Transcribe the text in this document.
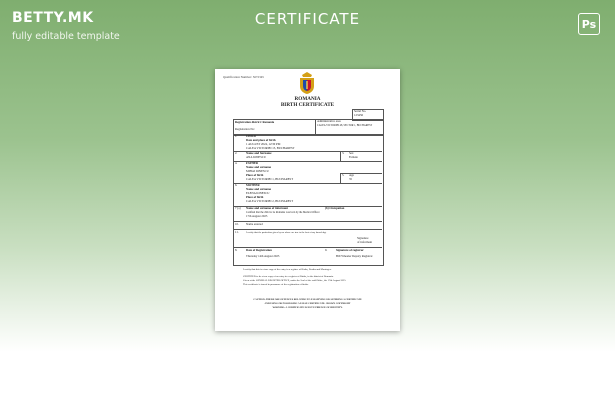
BETTY.MK
fully editable template
CERTIFICATE	Ps
Qualification Number: 5672345
ROMANIA
BIRTH CERTIFICATE
Serial No.
123456
Registration district: Romania
Registration No:
Administrative area
CALEA VICTORIEI 48, SECTOR 1, BUCHAREST
1.	CHILD
Date and place of birth
1 AUGUST 2024, 12:30 PM
CALEA VICTORIEI 15, BUCHAREST
2.	Name and Surname
ANA IONESCU
3. Sex
Female
4.	FATHER
Name and surname
MIHAI IONESCU
Place of birth
CALEA VICTORIEI 1, BUCHAREST
5. Age
35
6.	MOTHER
Name and surname
ELENA IONESCU
Place of birth
CALEA VICTORIEI 2, BUCHAREST
7 (a) Name and surname of informant	(b) Occupation
Certified that the child to be Romania was born by the Medical Officer
17th August 2025
10. Name entered
11.	I certify that the particulars given by me above are true to the best of my knowledge
Signature
of informant
8.	Date of Registration
Thursday 14th August 2025
9.	Signature of registrar
Bill Wheeler Deputy Registrar
I certify that this is a true copy of the entry in a register of Births, Deaths and Marriages.
CERTIFIED to be a true copy of an entry in a register of Births, in the district of Romania.
Given at the GENERAL REGISTER OFFICE, under the Seal of the said Office, the 17th August 2025.
This certificate is issued in pursuance of the registration of births.
CAUTION: THERE ARE OFFENCES RELATING TO FALSIFYING OR ALTERING A CERTIFICATE
AND USING OR POSSESSING A FALSE CERTIFICATE. CROWN COPYRIGHT
WARNING: A CERTIFICATE IS NOT EVIDENCE OF IDENTITY.
